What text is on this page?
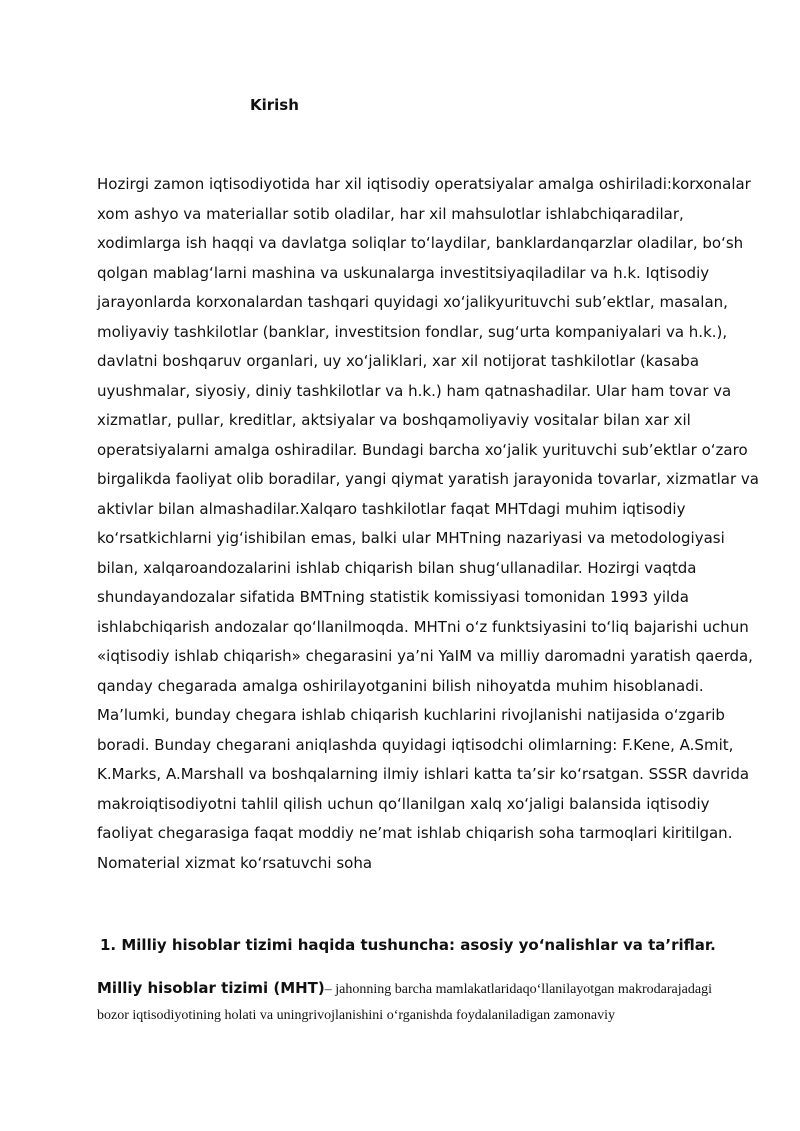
Kirish
Hozirgi zamon iqtisodiyotida har xil iqtisodiy operatsiyalar amalga oshiriladi:korxonalar
xom ashyo va materiallar sotib oladilar, har xil mahsulotlar ishlabchiqaradilar,
xodimlarga ish haqqi va davlatga soliqlar to‘laydilar, banklardanqarzlar oladilar, bo‘sh
qolgan mablag‘larni mashina va uskunalarga investitsiyaqiladilar va h.k. Iqtisodiy
jarayonlarda korxonalardan tashqari quyidagi xo‘jalikyurituvchi sub’ektlar, masalan,
moliyaviy tashkilotlar (banklar, investitsion fondlar, sug‘urta kompaniyalari va h.k.),
davlatni boshqaruv organlari, uy xo‘jaliklari, xar xil notijorat tashkilotlar (kasaba
uyushmalar, siyosiy, diniy tashkilotlar va h.k.) ham qatnashadilar. Ular ham tovar va
xizmatlar, pullar, kreditlar, aktsiyalar va boshqamoliyaviy vositalar bilan xar xil
operatsiyalarni amalga oshiradilar. Bundagi barcha xo‘jalik yurituvchi sub’ektlar o‘zaro
birgalikda faoliyat olib boradilar, yangi qiymat yaratish jarayonida tovarlar, xizmatlar va
aktivlar bilan almashadilar.Xalqaro tashkilotlar faqat MHTdagi muhim iqtisodiy
ko‘rsatkichlarni yig‘ishibilan emas, balki ular MHTning nazariyasi va metodologiyasi
bilan, xalqaroandozalarini ishlab chiqarish bilan shug‘ullanadilar. Hozirgi vaqtda
shundayandozalar sifatida BMTning statistik komissiyasi tomonidan 1993 yilda
ishlabchiqarish andozalar qo‘llanilmoqda. MHTni o‘z funktsiyasini to‘liq bajarishi uchun
«iqtisodiy ishlab chiqarish» chegarasini ya’ni YaIM va milliy daromadni yaratish qaerda,
qanday chegarada amalga oshirilayotganini bilish nihoyatda muhim hisoblanadi.
Ma’lumki, bunday chegara ishlab chiqarish kuchlarini rivojlanishi natijasida o‘zgarib
boradi. Bunday chegarani aniqlashda quyidagi iqtisodchi olimlarning: F.Kene, A.Smit,
K.Marks, A.Marshall va boshqalarning ilmiy ishlari katta ta’sir ko‘rsatgan. SSSR davrida
makroiqtisodiyotni tahlil qilish uchun qo‘llanilgan xalq xo‘jaligi balansida iqtisodiy
faoliyat chegarasiga faqat moddiy ne’mat ishlab chiqarish soha tarmoqlari kiritilgan.
Nomaterial xizmat ko‘rsatuvchi soha
1. Milliy hisoblar tizimi haqida tushuncha: asosiy yo‘nalishlar va ta’riflar.
Milliy hisoblar tizimi (MHT)– jahonning barcha mamlakatlaridaqo‘llanilayotgan makrodarajadagi
bozor iqtisodiyotining holati va uningrivojlanishini o‘rganishda foydalaniladigan zamonaviy
